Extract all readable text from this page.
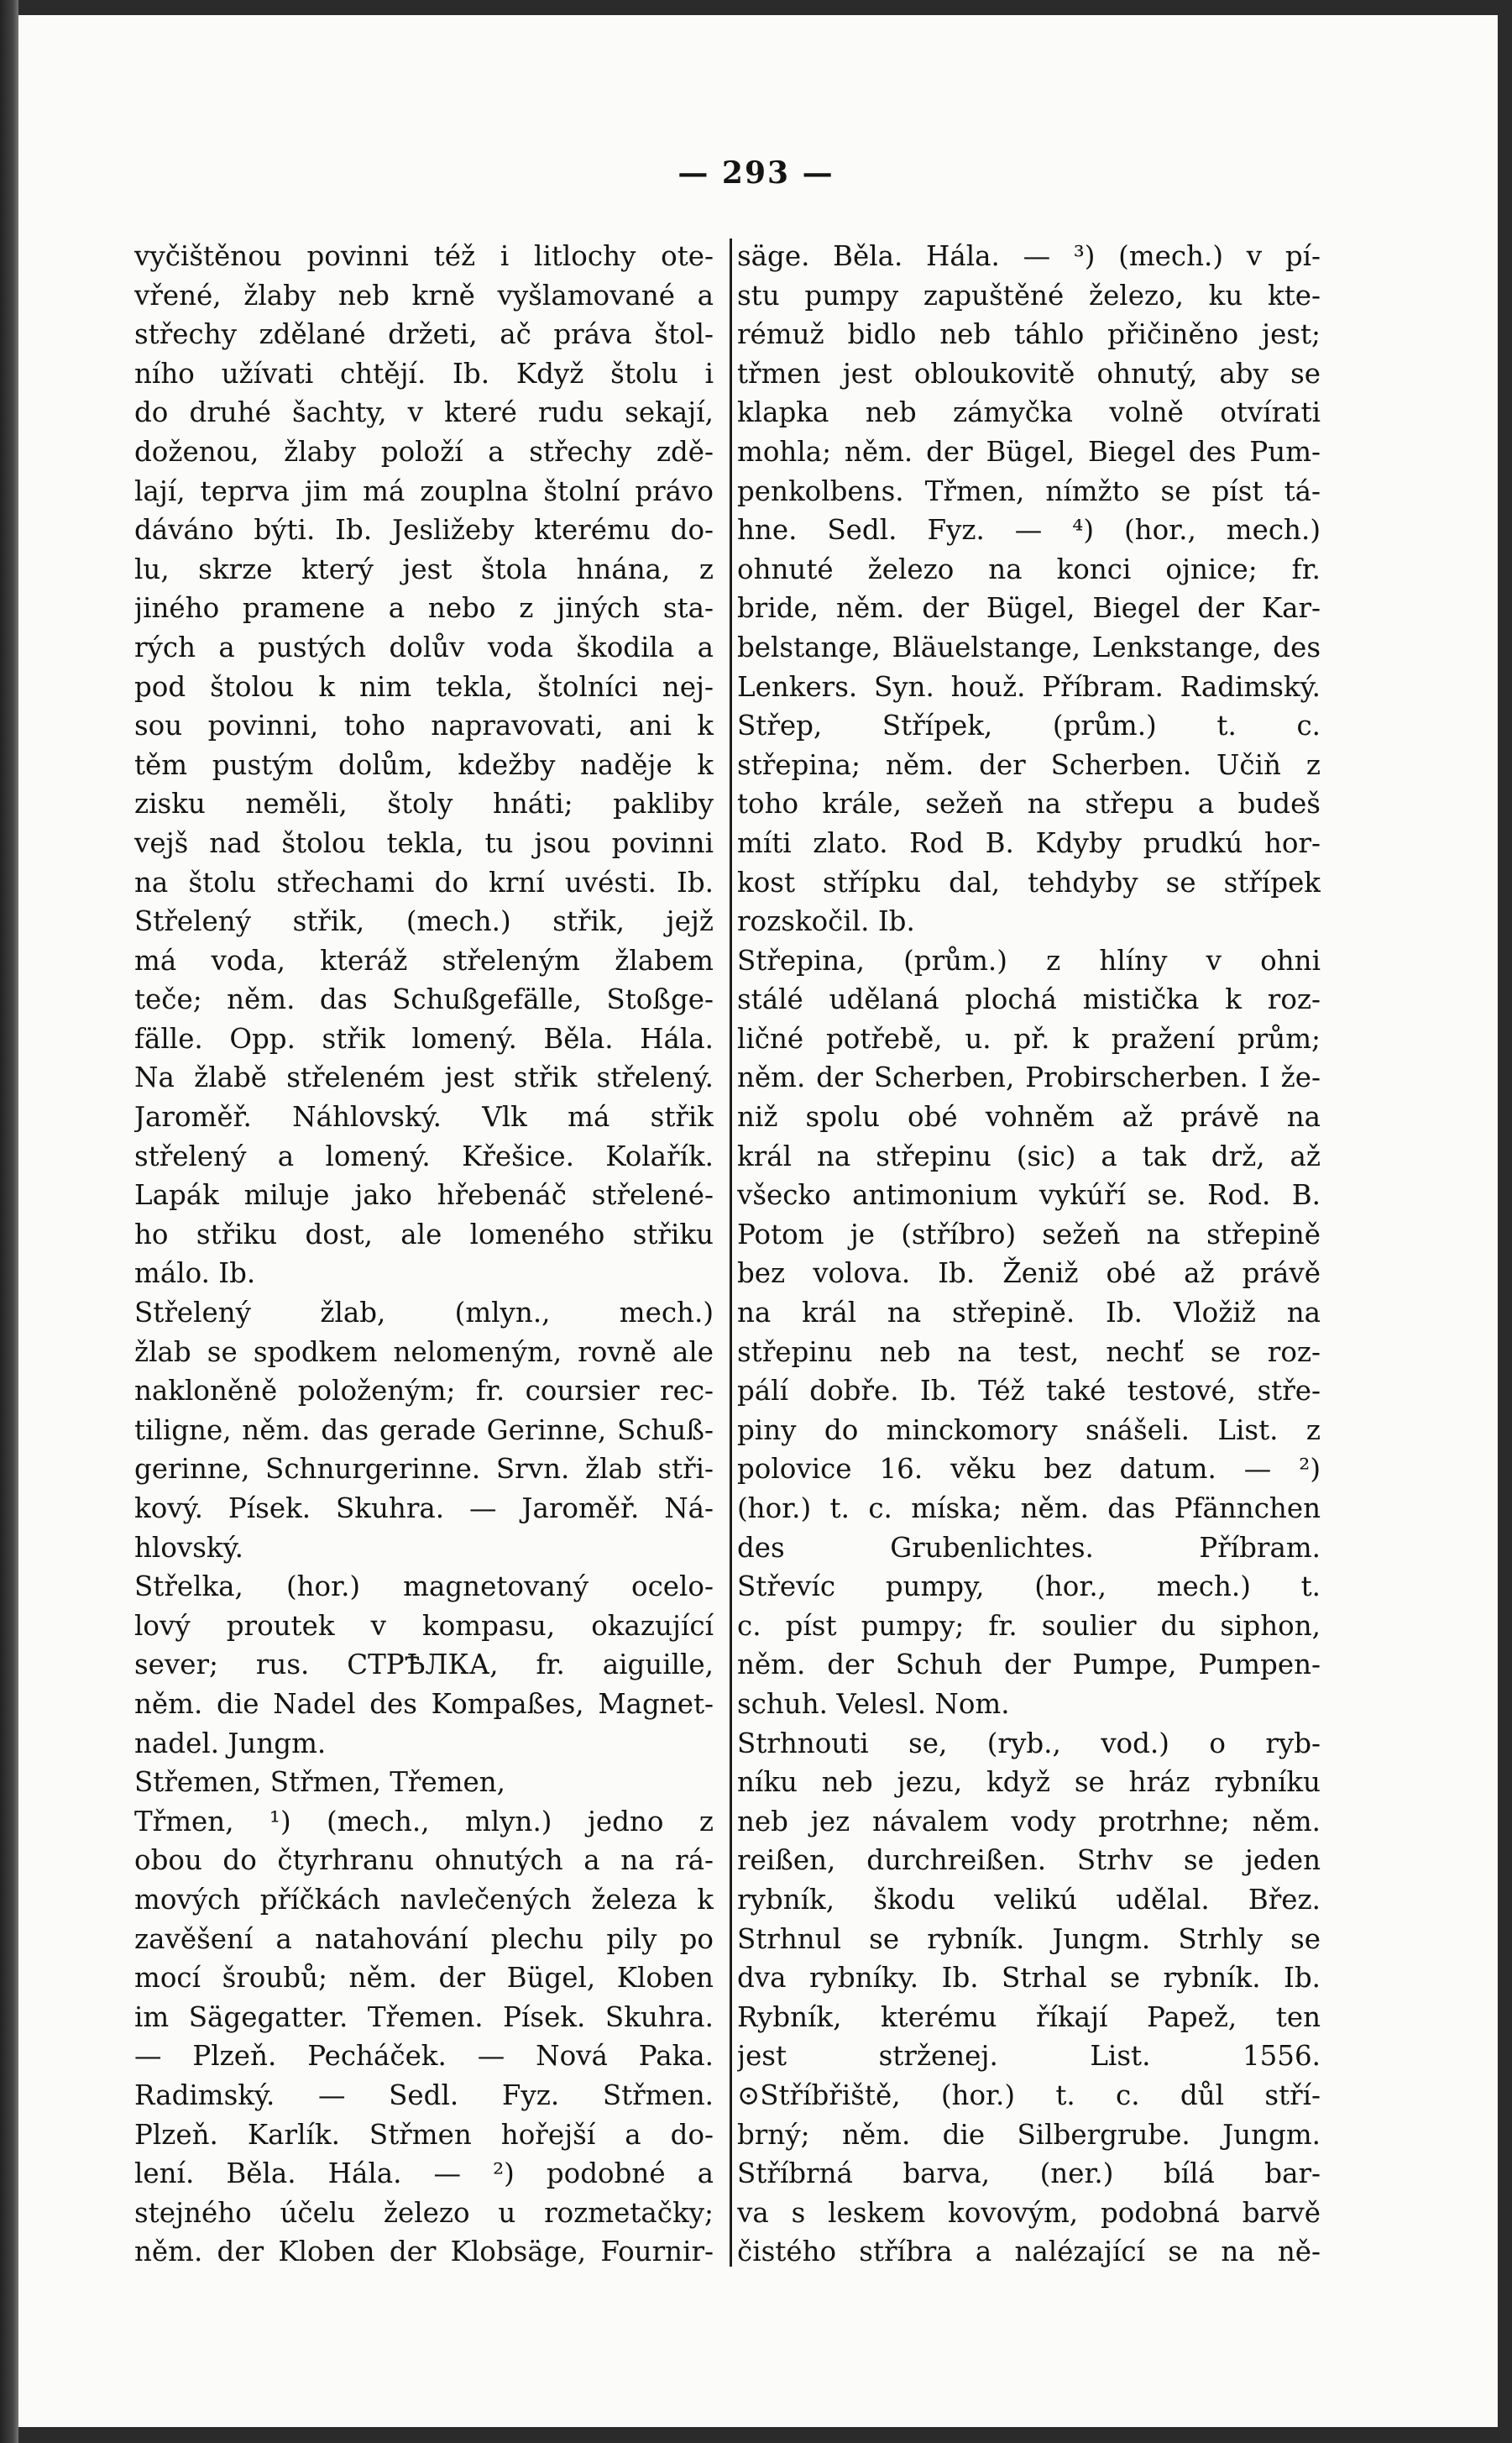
— 293 —
vyčištěnou povinni též i litlochy ote-
vřené, žlaby neb krně vyšlamované a
střechy zdělané držeti, ač práva štol-
ního užívati chtějí. Ib. Když štolu i
do druhé šachty, v které rudu sekají,
doženou, žlaby položí a střechy zdě-
lají, teprva jim má zouplna štolní právo
dáváno býti. Ib. Jesližeby kterému do-
lu, skrze který jest štola hnána, z
jiného pramene a nebo z jiných sta-
rých a pustých dolův voda škodila a
pod štolou k nim tekla, štolníci nej-
sou povinni, toho napravovati, ani k
těm pustým dolům, kdežby naděje k
zisku neměli, štoly hnáti; pakliby
vejš nad štolou tekla, tu jsou povinni
na štolu střechami do krní uvésti. Ib.
Střelený střik, (mech.) střik, jejž
má voda, kteráž střeleným žlabem
teče; něm. das Schußgefälle, Stoßge-
fälle. Opp. střik lomený. Běla. Hála.
Na žlabě střeleném jest střik střelený.
Jaroměř. Náhlovský. Vlk má střik
střelený a lomený. Křešice. Kolařík.
Lapák miluje jako hřebenáč střelené-
ho střiku dost, ale lomeného střiku
málo. Ib.
Střelený žlab, (mlyn., mech.)
žlab se spodkem nelomeným, rovně ale
nakloněně položeným; fr. coursier rec-
tiligne, něm. das gerade Gerinne, Schuß-
gerinne, Schnurgerinne. Srvn. žlab stři-
kový. Písek. Skuhra. — Jaroměř. Ná-
hlovský.
Střelka, (hor.) magnetovaný ocelo-
lový proutek v kompasu, okazující
sever; rus. СТРѢЛКА, fr. aiguille,
něm. die Nadel des Kompaßes, Magnet-
nadel. Jungm.
Střemen, Střmen, Třemen,
Třmen, ¹) (mech., mlyn.) jedno z
obou do čtyrhranu ohnutých a na rá-
mových příčkách navlečených železa k
zavěšení a natahování plechu pily po
mocí šroubů; něm. der Bügel, Kloben
im Sägegatter. Třemen. Písek. Skuhra.
— Plzeň. Pecháček. — Nová Paka.
Radimský. — Sedl. Fyz. Střmen.
Plzeň. Karlík. Střmen hořejší a do-
lení. Běla. Hála. — ²) podobné a
stejného účelu železo u rozmetačky;
něm. der Kloben der Klobsäge, Fournir-
säge. Běla. Hála. — ³) (mech.) v pí-
stu pumpy zapuštěné železo, ku kte-
rémuž bidlo neb táhlo přičiněno jest;
třmen jest obloukovitě ohnutý, aby se
klapka neb zámyčka volně otvírati
mohla; něm. der Bügel, Biegel des Pum-
penkolbens. Třmen, nímžto se píst tá-
hne. Sedl. Fyz. — ⁴) (hor., mech.)
ohnuté železo na konci ojnice; fr.
bride, něm. der Bügel, Biegel der Kar-
belstange, Bläuelstange, Lenkstange, des
Lenkers. Syn. houž. Příbram. Radimský.
Střep, Střípek, (prům.) t. c.
střepina; něm. der Scherben. Učiň z
toho krále, sežeň na střepu a budeš
míti zlato. Rod B. Kdyby prudkú hor-
kost střípku dal, tehdyby se střípek
rozskočil. Ib.
Střepina, (prům.) z hlíny v ohni
stálé udělaná plochá mistička k roz-
ličné potřebě, u. př. k pražení prům;
něm. der Scherben, Probirscherben. I že-
niž spolu obé vohněm až právě na
král na střepinu (sic) a tak drž, až
všecko antimonium vykúří se. Rod. B.
Potom je (stříbro) sežeň na střepině
bez volova. Ib. Ženiž obé až právě
na král na střepině. Ib. Vložiž na
střepinu neb na test, nechť se roz-
pálí dobře. Ib. Též také testové, stře-
piny do minckomory snášeli. List. z
polovice 16. věku bez datum. — ²)
(hor.) t. c. míska; něm. das Pfännchen
des Grubenlichtes. Příbram.
Střevíc pumpy, (hor., mech.) t.
c. píst pumpy; fr. soulier du siphon,
něm. der Schuh der Pumpe, Pumpen-
schuh. Velesl. Nom.
Strhnouti se, (ryb., vod.) o ryb-
níku neb jezu, když se hráz rybníku
neb jez návalem vody protrhne; něm.
reißen, durchreißen. Strhv se jeden
rybník, škodu velikú udělal. Břez.
Strhnul se rybník. Jungm. Strhly se
dva rybníky. Ib. Strhal se rybník. Ib.
Rybník, kterému říkají Papež, ten
jest strženej. List. 1556.
⊙Stříbřiště, (hor.) t. c. důl stří-
brný; něm. die Silbergrube. Jungm.
Stříbrná barva, (ner.) bílá bar-
va s leskem kovovým, podobná barvě
čistého stříbra a nalézající se na ně-
